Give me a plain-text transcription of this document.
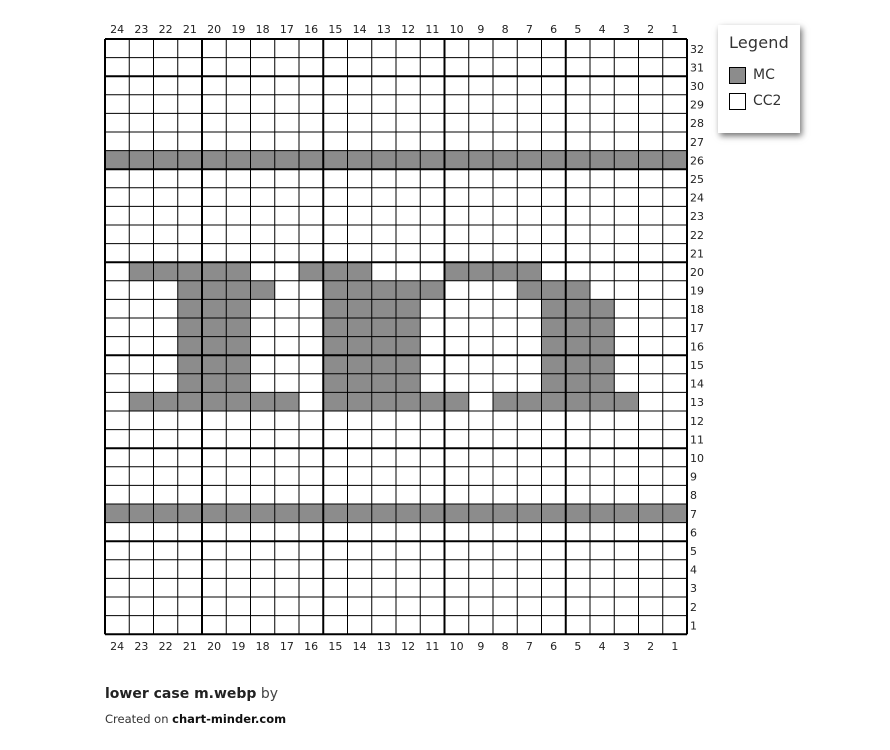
24
24
23
23
22
22
21
21
20
20
19
19
18
18
17
17
16
16
15
15
14
14
13
13
12
12
11
11
10
10
9
9
8
8
7
7
6
6
5
5
4
4
3
3
2
2
1
1
32
31
30
29
28
27
26
25
24
23
22
21
20
19
18
17
16
15
14
13
12
11
10
9
8
7
6
5
4
3
2
1
Legend
MC
CC2
lower case m.webp by
Created on chart-minder.com
